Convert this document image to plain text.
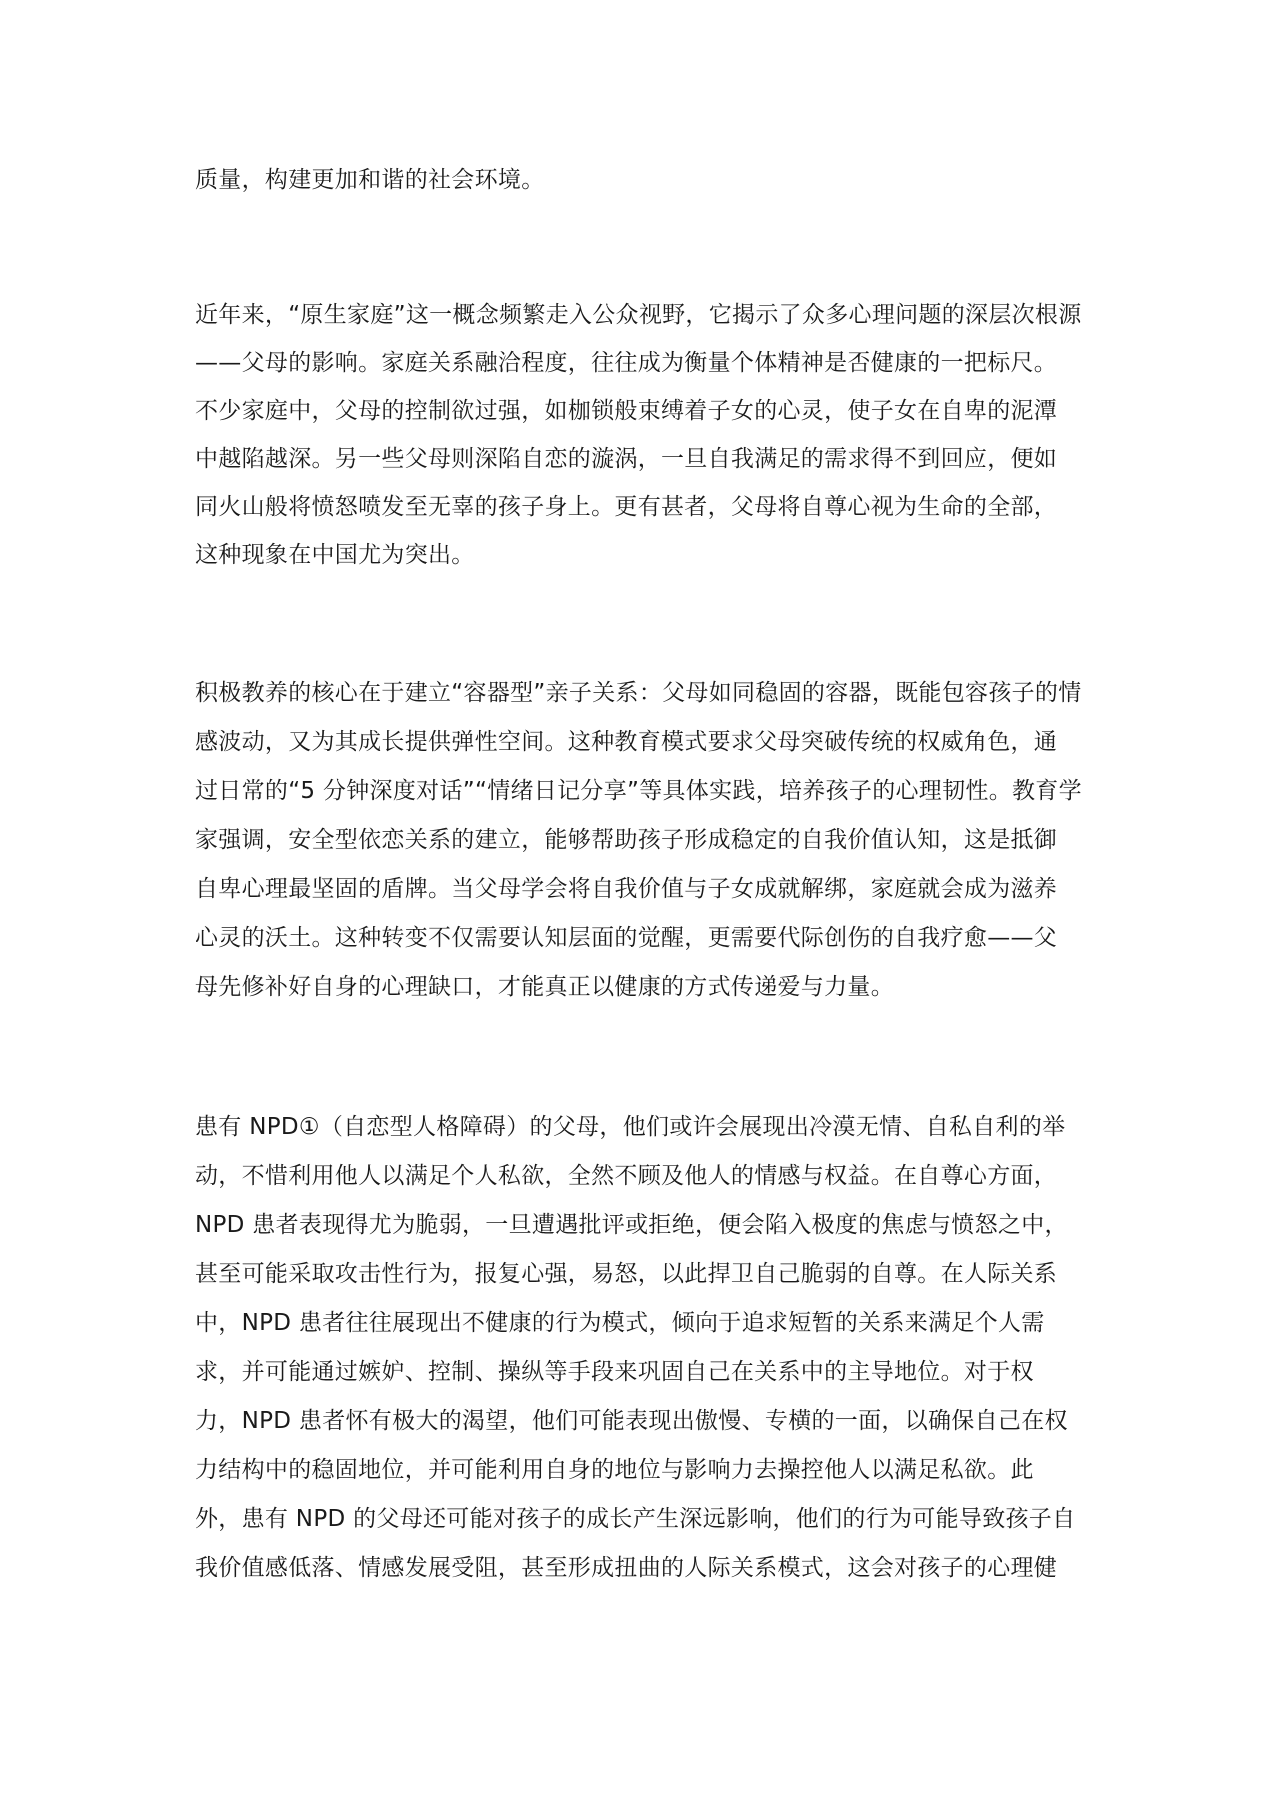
质量，构建更加和谐的社会环境。
近年来，“原生家庭”这一概念频繁走入公众视野，它揭示了众多心理问题的深层次根源
——父母的影响。家庭关系融洽程度，往往成为衡量个体精神是否健康的一把标尺。
不少家庭中，父母的控制欲过强，如枷锁般束缚着子女的心灵，使子女在自卑的泥潭
中越陷越深。另一些父母则深陷自恋的漩涡，一旦自我满足的需求得不到回应，便如
同火山般将愤怒喷发至无辜的孩子身上。更有甚者，父母将自尊心视为生命的全部，
这种现象在中国尤为突出。
积极教养的核心在于建立“容器型”亲子关系：父母如同稳固的容器，既能包容孩子的情
感波动，又为其成长提供弹性空间。这种教育模式要求父母突破传统的权威角色，通
过日常的“5 分钟深度对话”“情绪日记分享”等具体实践，培养孩子的心理韧性。教育学
家强调，安全型依恋关系的建立，能够帮助孩子形成稳定的自我价值认知，这是抵御
自卑心理最坚固的盾牌。当父母学会将自我价值与子女成就解绑，家庭就会成为滋养
心灵的沃土。这种转变不仅需要认知层面的觉醒，更需要代际创伤的自我疗愈——父
母先修补好自身的心理缺口，才能真正以健康的方式传递爱与力量。
患有 NPD①（自恋型人格障碍）的父母，他们或许会展现出冷漠无情、自私自利的举
动，不惜利用他人以满足个人私欲，全然不顾及他人的情感与权益。在自尊心方面，
NPD 患者表现得尤为脆弱，一旦遭遇批评或拒绝，便会陷入极度的焦虑与愤怒之中，
甚至可能采取攻击性行为，报复心强，易怒，以此捍卫自己脆弱的自尊。在人际关系
中，NPD 患者往往展现出不健康的行为模式，倾向于追求短暂的关系来满足个人需
求，并可能通过嫉妒、控制、操纵等手段来巩固自己在关系中的主导地位。对于权
力，NPD 患者怀有极大的渴望，他们可能表现出傲慢、专横的一面，以确保自己在权
力结构中的稳固地位，并可能利用自身的地位与影响力去操控他人以满足私欲。此
外，患有 NPD 的父母还可能对孩子的成长产生深远影响，他们的行为可能导致孩子自
我价值感低落、情感发展受阻，甚至形成扭曲的人际关系模式，这会对孩子的心理健
